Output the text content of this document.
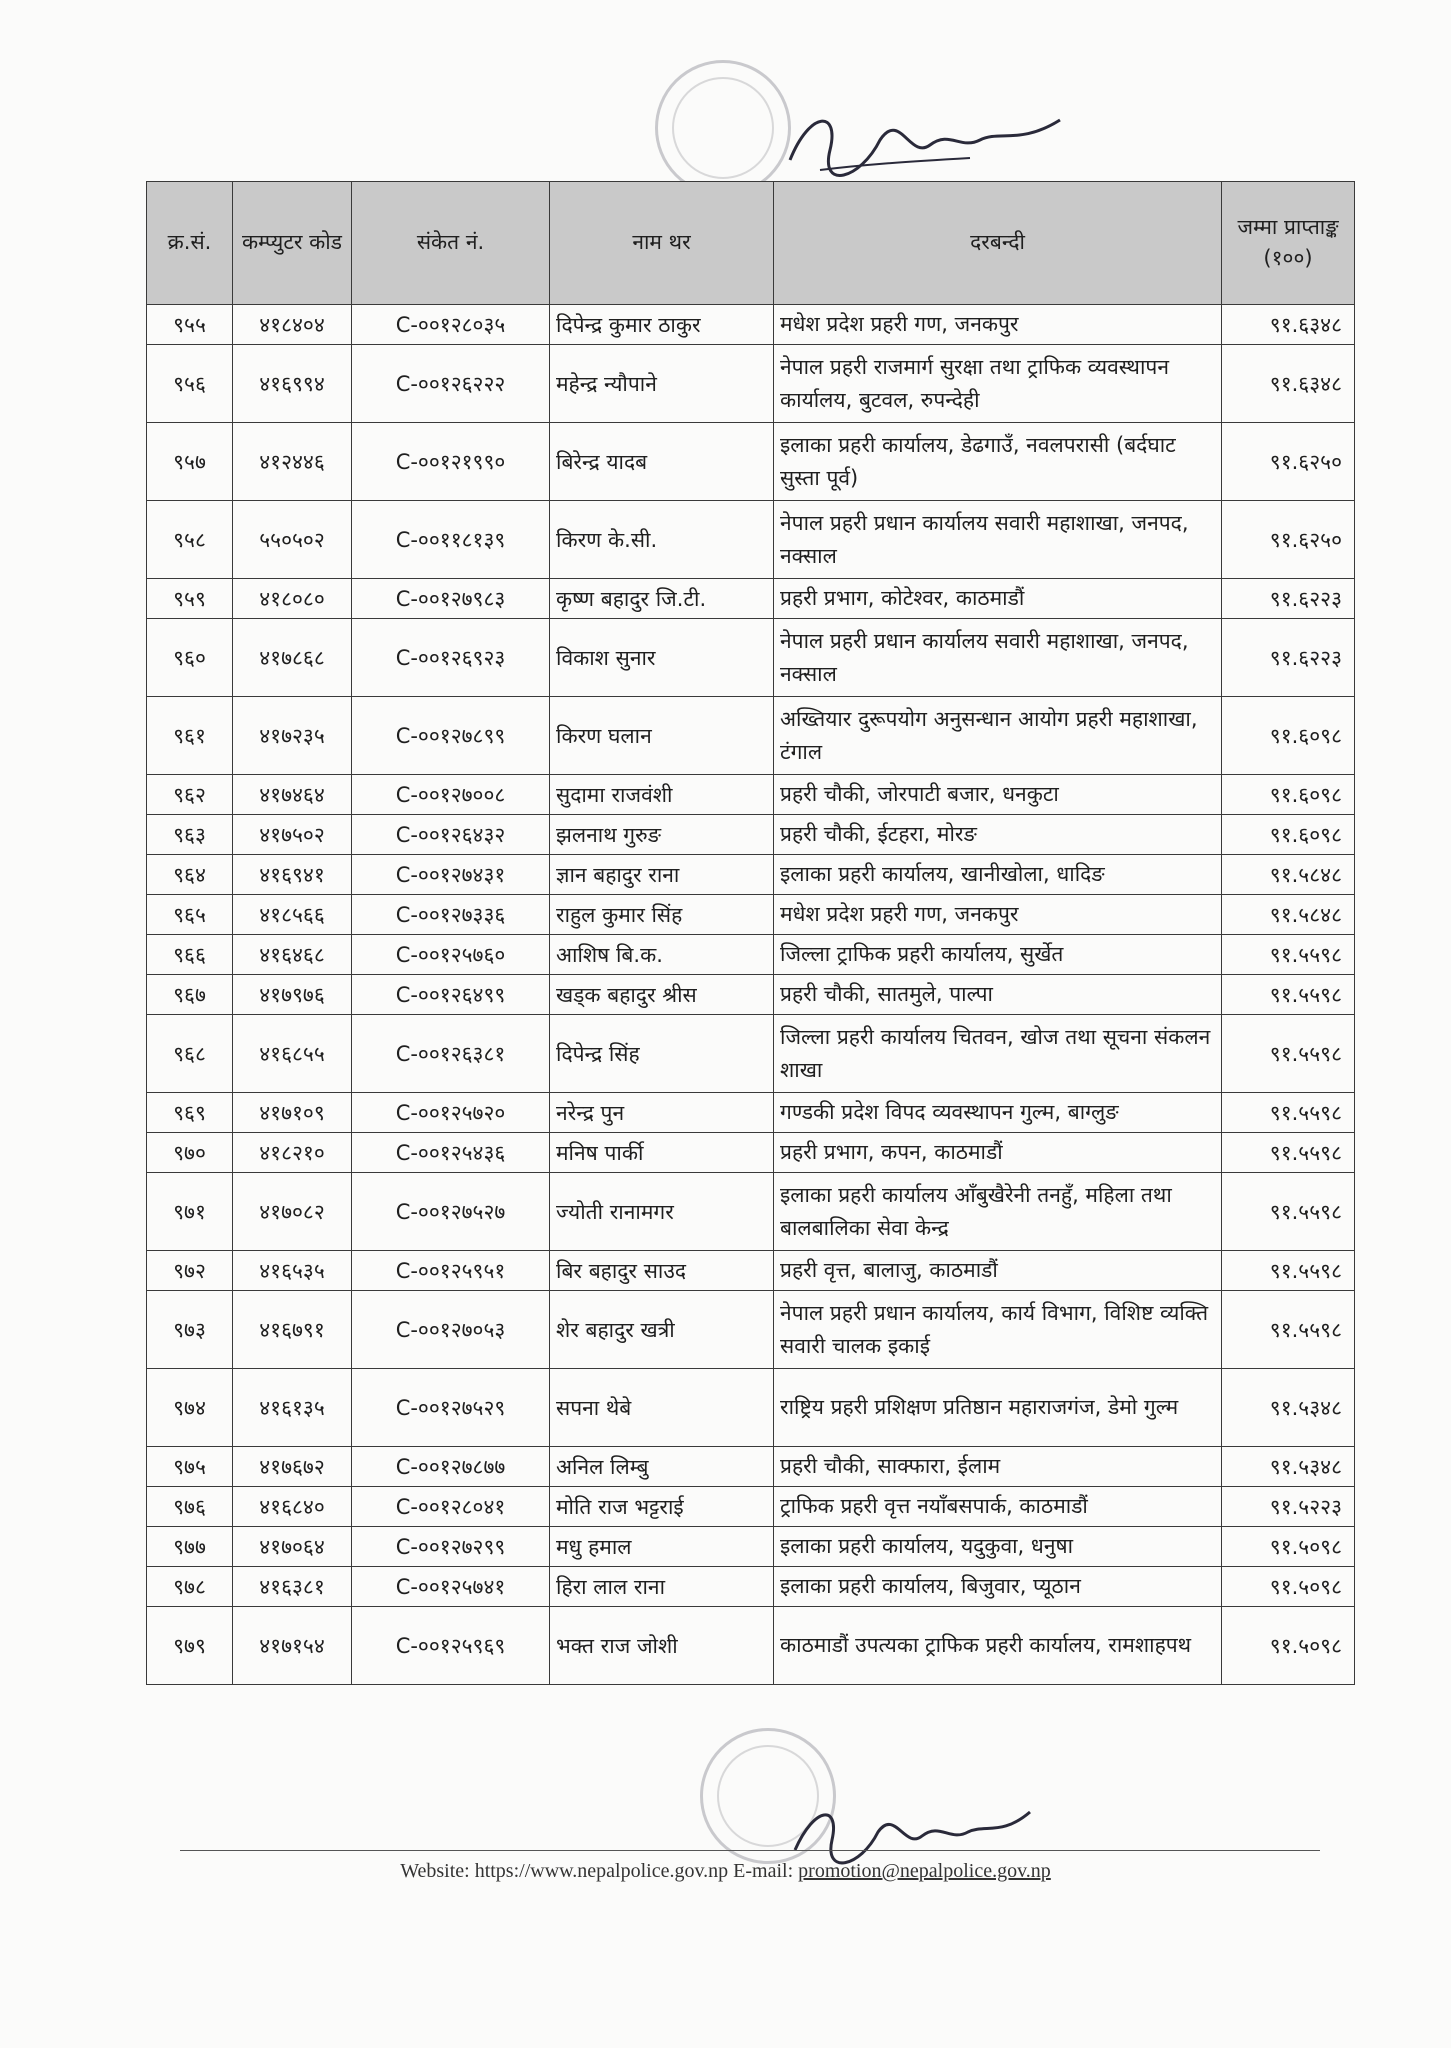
क्र.सं.	कम्प्युटर कोड	संकेत नं.	नाम थर	दरबन्दी	जम्मा प्राप्ताङ्क (१००)
९५५	४१८४०४	C-००१२८०३५	दिपेन्द्र कुमार ठाकुर	मधेश प्रदेश प्रहरी गण, जनकपुर	९१.६३४८
९५६	४१६९९४	C-००१२६२२२	महेन्द्र न्यौपाने	नेपाल प्रहरी राजमार्ग सुरक्षा तथा ट्राफिक व्यवस्थापन कार्यालय, बुटवल, रुपन्देही	९१.६३४८
९५७	४१२४४६	C-००१२१९९०	बिरेन्द्र यादब	इलाका प्रहरी कार्यालय, डेढगाउँ, नवलपरासी (बर्दघाट सुस्ता पूर्व)	९१.६२५०
९५८	५५०५०२	C-००११८१३९	किरण के.सी.	नेपाल प्रहरी प्रधान कार्यालय सवारी महाशाखा, जनपद, नक्साल	९१.६२५०
९५९	४१८०८०	C-००१२७९८३	कृष्ण बहादुर जि.टी.	प्रहरी प्रभाग, कोटेश्वर, काठमाडौं	९१.६२२३
९६०	४१७८६८	C-००१२६९२३	विकाश सुनार	नेपाल प्रहरी प्रधान कार्यालय सवारी महाशाखा, जनपद, नक्साल	९१.६२२३
९६१	४१७२३५	C-००१२७८९९	किरण घलान	अख्तियार दुरूपयोग अनुसन्धान आयोग प्रहरी महाशाखा, टंगाल	९१.६०९८
९६२	४१७४६४	C-००१२७००८	सुदामा राजवंशी	प्रहरी चौकी, जोरपाटी बजार, धनकुटा	९१.६०९८
९६३	४१७५०२	C-००१२६४३२	झलनाथ गुरुङ	प्रहरी चौकी, ईटहरा, मोरङ	९१.६०९८
९६४	४१६९४१	C-००१२७४३१	ज्ञान बहादुर राना	इलाका प्रहरी कार्यालय, खानीखोला, धादिङ	९१.५८४८
९६५	४१८५६६	C-००१२७३३६	राहुल कुमार सिंह	मधेश प्रदेश प्रहरी गण, जनकपुर	९१.५८४८
९६६	४१६४६८	C-००१२५७६०	आशिष बि.क.	जिल्ला ट्राफिक प्रहरी कार्यालय, सुर्खेत	९१.५५९८
९६७	४१७९७६	C-००१२६४९९	खड्क बहादुर श्रीस	प्रहरी चौकी, सातमुले, पाल्पा	९१.५५९८
९६८	४१६८५५	C-००१२६३८१	दिपेन्द्र सिंह	जिल्ला प्रहरी कार्यालय चितवन, खोज तथा सूचना संकलन शाखा	९१.५५९८
९६९	४१७१०९	C-००१२५७२०	नरेन्द्र पुन	गण्डकी प्रदेश विपद व्यवस्थापन गुल्म, बाग्लुङ	९१.५५९८
९७०	४१८२१०	C-००१२५४३६	मनिष पार्की	प्रहरी प्रभाग, कपन, काठमाडौं	९१.५५९८
९७१	४१७०८२	C-००१२७५२७	ज्योती रानामगर	इलाका प्रहरी कार्यालय आँबुखैरेनी तनहुँ, महिला तथा बालबालिका सेवा केन्द्र	९१.५५९८
९७२	४१६५३५	C-००१२५९५१	बिर बहादुर साउद	प्रहरी वृत्त, बालाजु, काठमाडौं	९१.५५९८
९७३	४१६७९१	C-००१२७०५३	शेर बहादुर खत्री	नेपाल प्रहरी प्रधान कार्यालय, कार्य विभाग, विशिष्ट व्यक्ति सवारी चालक इकाई	९१.५५९८
९७४	४१६१३५	C-००१२७५२९	सपना थेबे	राष्ट्रिय प्रहरी प्रशिक्षण प्रतिष्ठान महाराजगंज, डेमो गुल्म	९१.५३४८
९७५	४१७६७२	C-००१२७८७७	अनिल लिम्बु	प्रहरी चौकी, साक्फारा, ईलाम	९१.५३४८
९७६	४१६८४०	C-००१२८०४१	मोति राज भट्टराई	ट्राफिक प्रहरी वृत्त नयाँबसपार्क, काठमाडौं	९१.५२२३
९७७	४१७०६४	C-००१२७२९९	मधु हमाल	इलाका प्रहरी कार्यालय, यदुकुवा, धनुषा	९१.५०९८
९७८	४१६३८१	C-००१२५७४१	हिरा लाल राना	इलाका प्रहरी कार्यालय, बिजुवार, प्यूठान	९१.५०९८
९७९	४१७१५४	C-००१२५९६९	भक्त राज जोशी	काठमाडौं उपत्यका ट्राफिक प्रहरी कार्यालय, रामशाहपथ	९१.५०९८
Website: https://www.nepalpolice.gov.np E-mail: promotion@nepalpolice.gov.np
